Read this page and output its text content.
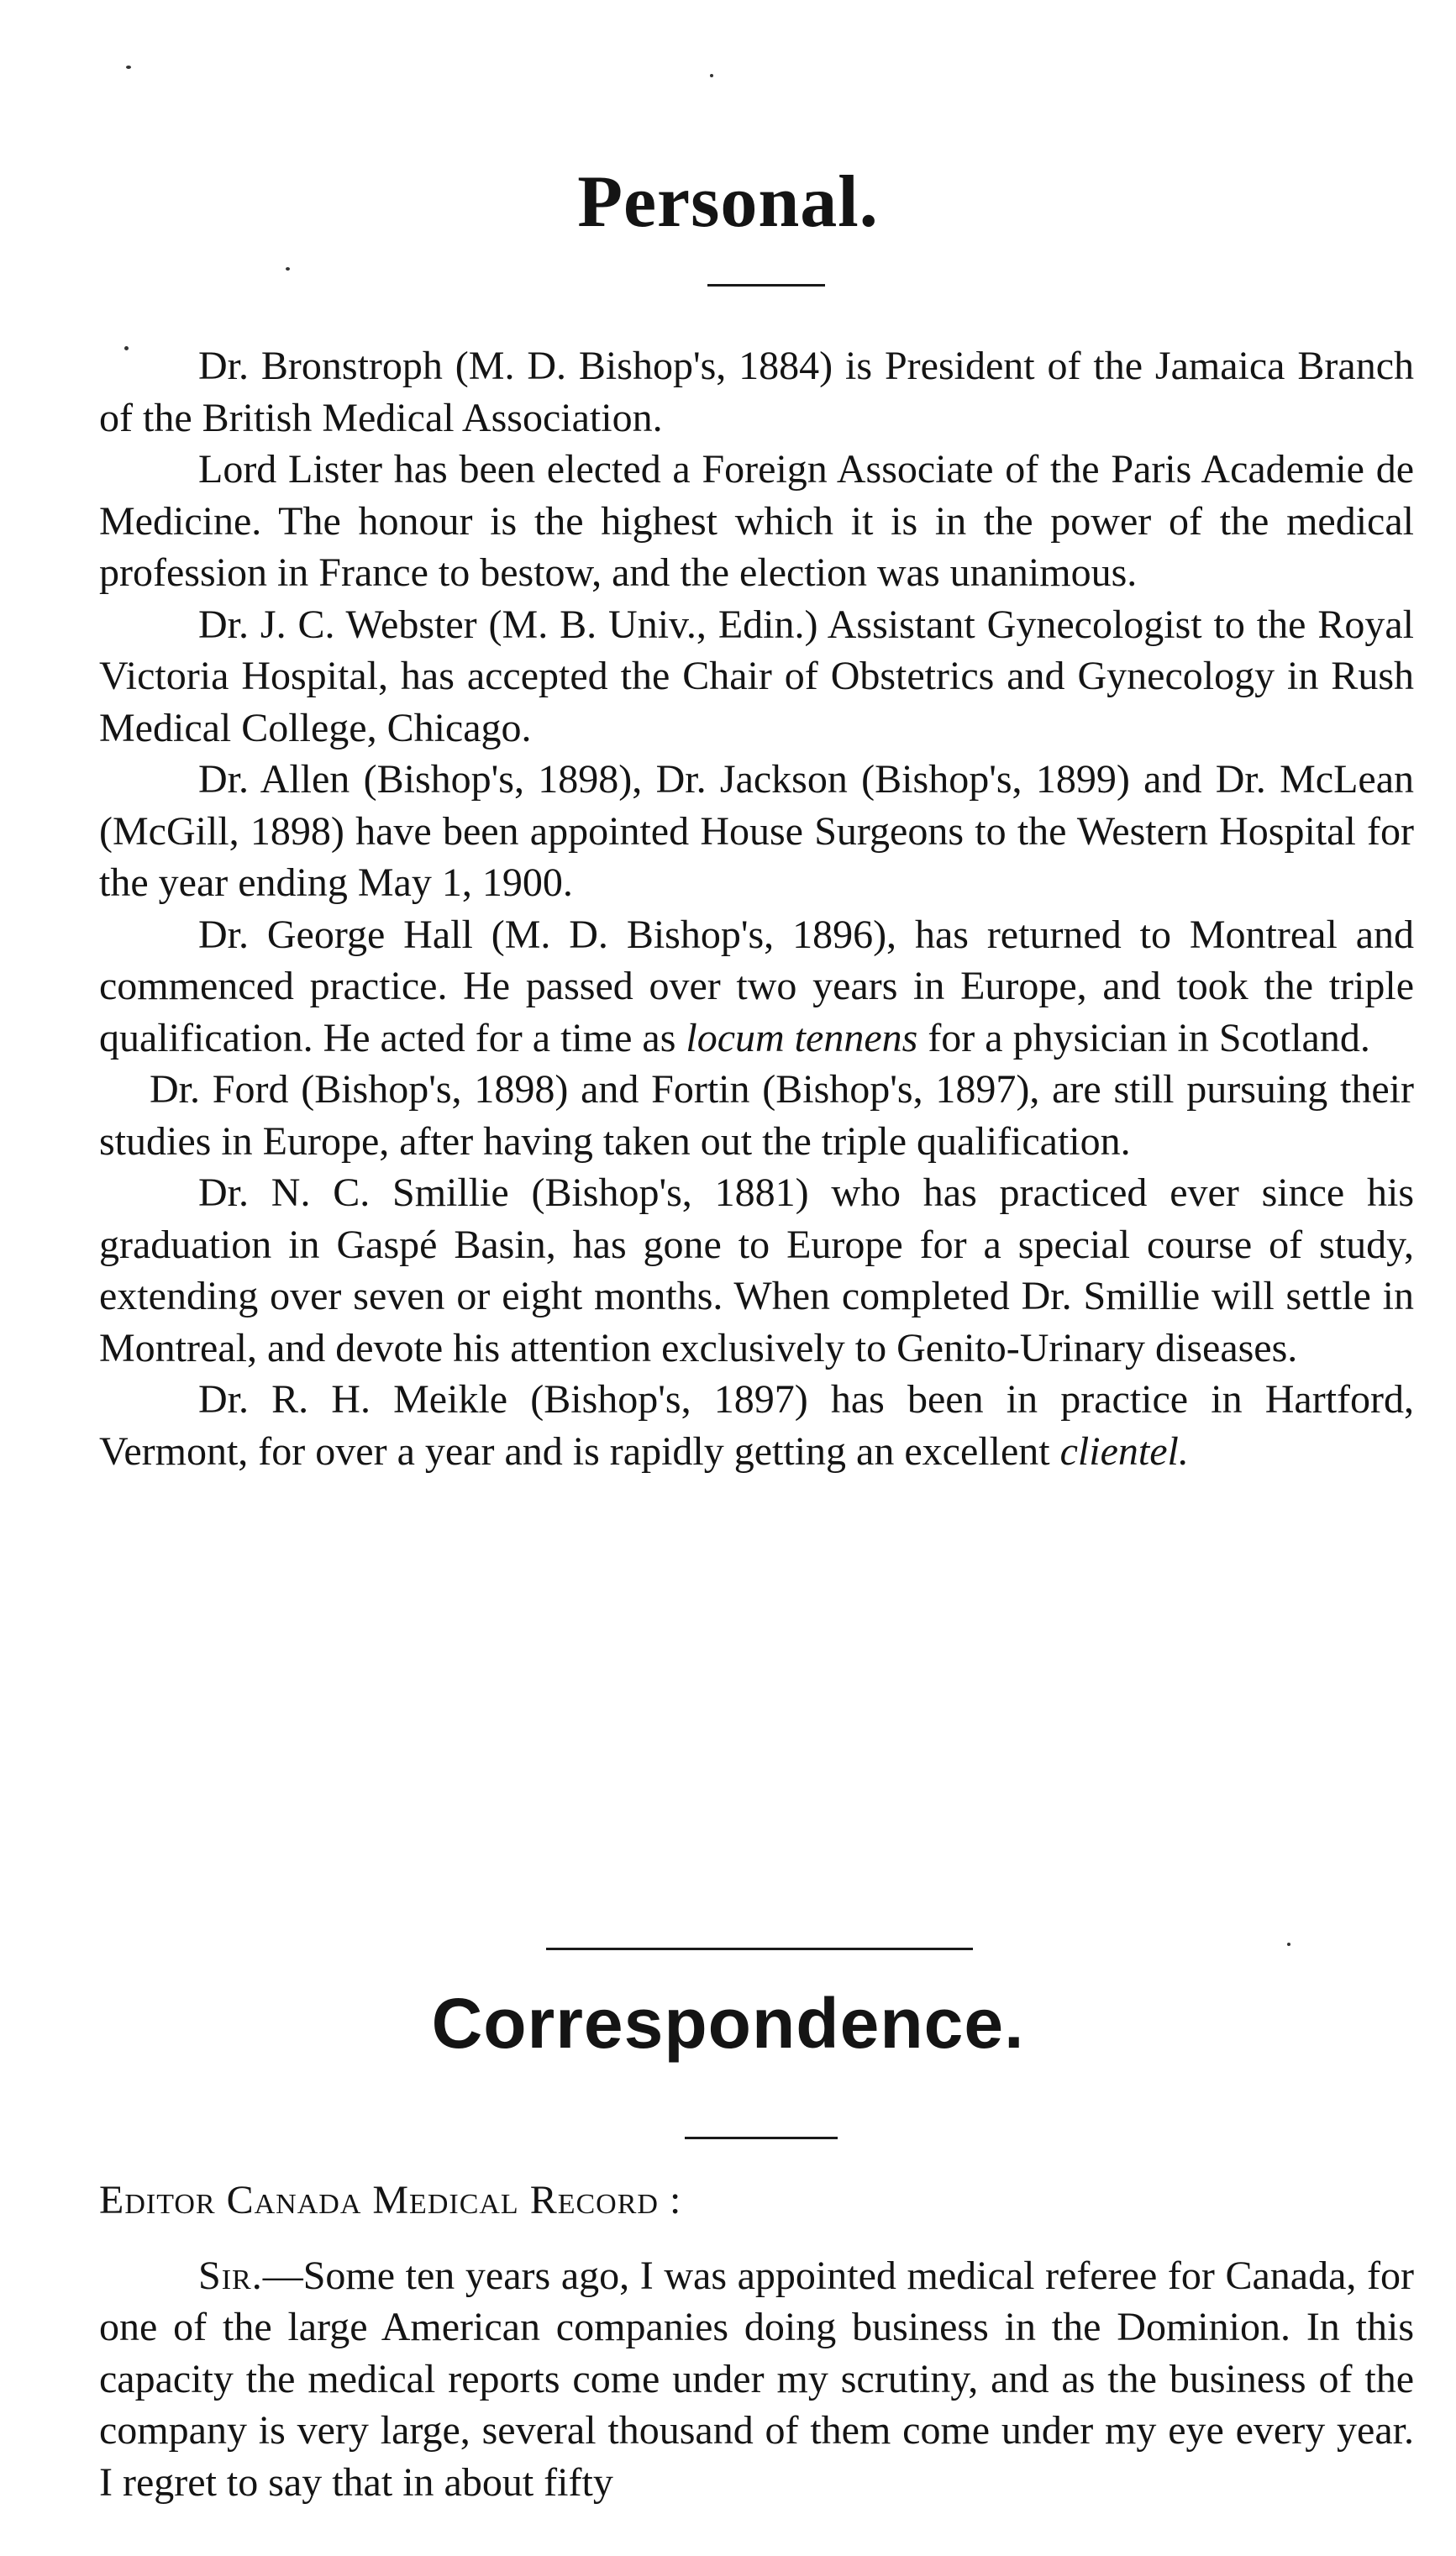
Personal.

Dr. Bronstroph (M. D. Bishop's, 1884) is President of the Jamaica Branch of the British Medical Association.

Lord Lister has been elected a Foreign Associate of the Paris Academie de Medicine. The honour is the highest which it is in the power of the medical profession in France to bestow, and the election was unanimous.

Dr. J. C. Webster (M. B. Univ., Edin.) Assistant Gynecologist to the Royal Victoria Hospital, has accepted the Chair of Obstetrics and Gynecology in Rush Medical College, Chicago.

Dr. Allen (Bishop's, 1898), Dr. Jackson (Bishop's, 1899) and Dr. McLean (McGill, 1898) have been appointed House Surgeons to the Western Hospital for the year ending May 1, 1900.

Dr. George Hall (M. D. Bishop's, 1896), has returned to Montreal and commenced practice. He passed over two years in Europe, and took the triple qualification. He acted for a time as locum tennens for a physician in Scotland.

Dr. Ford (Bishop's, 1898) and Fortin (Bishop's, 1897), are still pursuing their studies in Europe, after having taken out the triple qualification.

Dr. N. C. Smillie (Bishop's, 1881) who has practiced ever since his graduation in Gaspé Basin, has gone to Europe for a special course of study, extending over seven or eight months. When completed Dr. Smillie will settle in Montreal, and devote his attention exclusively to Genito-Urinary diseases.

Dr. R. H. Meikle (Bishop's, 1897) has been in practice in Hartford, Vermont, for over a year and is rapidly getting an excellent clientel.

Correspondence.

Editor Canada Medical Record :

Sir.—Some ten years ago, I was appointed medical referee for Canada, for one of the large American companies doing business in the Dominion. In this capacity the medical reports come under my scrutiny, and as the business of the company is very large, several thousand of them come under my eye every year. I regret to say that in about fifty
